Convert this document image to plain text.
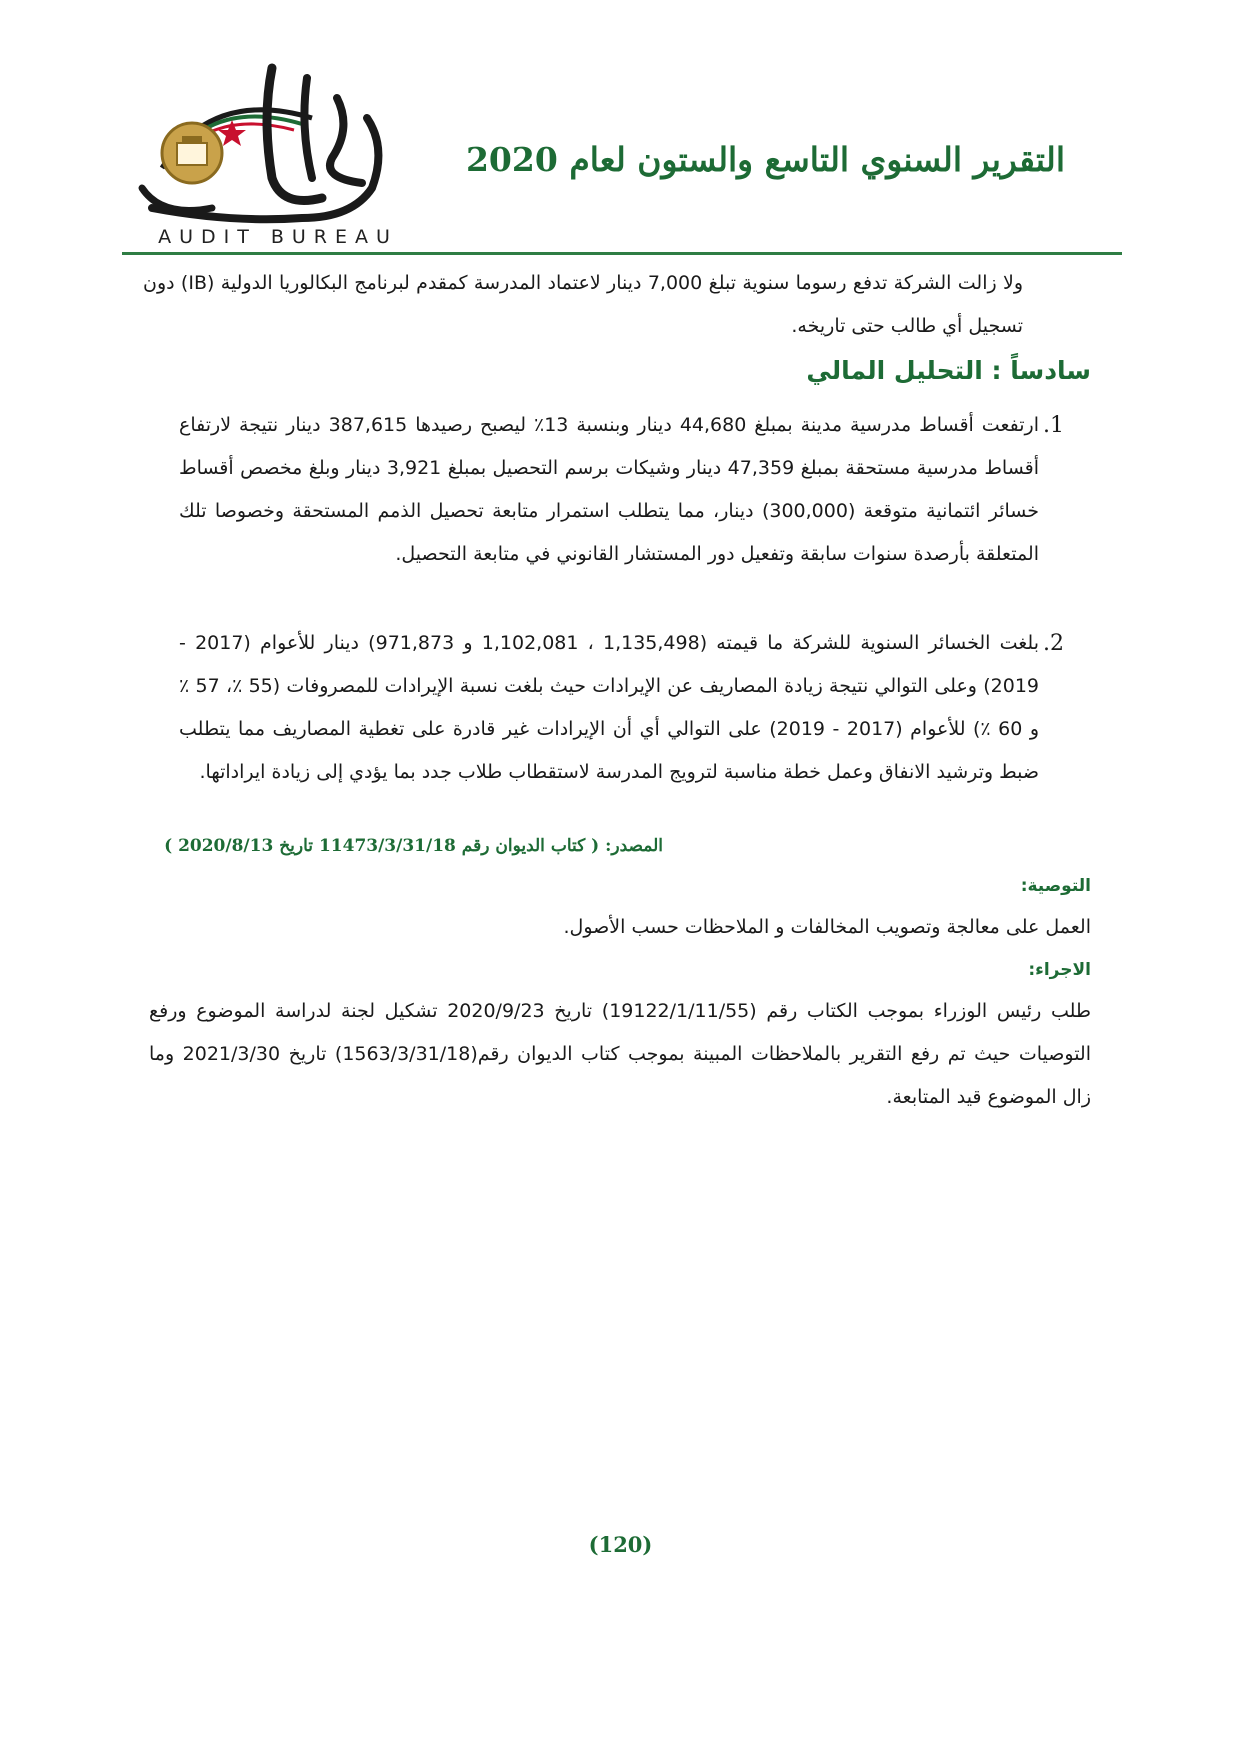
AUDIT BUREAU
التقرير السنوي التاسع والستون لعام 2020

ولا زالت الشركة تدفع رسوما سنوية تبلغ 7,000 دينار لاعتماد المدرسة كمقدم لبرنامج البكالوريا الدولية (IB) دون تسجيل أي طالب حتى تاريخه.

سادساً : التحليل المالي
.1

ارتفعت أقساط مدرسية مدينة بمبلغ 44,680 دينار وبنسبة 13٪ ليصبح رصيدها 387,615 دينار نتيجة لارتفاع أقساط مدرسية مستحقة بمبلغ 47,359 دينار وشيكات برسم التحصيل بمبلغ 3,921 دينار وبلغ مخصص أقساط خسائر ائتمانية متوقعة (300,000) دينار، مما يتطلب استمرار متابعة تحصيل الذمم المستحقة وخصوصا تلك المتعلقة بأرصدة سنوات سابقة وتفعيل دور المستشار القانوني في متابعة التحصيل.

.2

بلغت الخسائر السنوية للشركة ما قيمته (1,135,498 ، 1,102,081 و 971,873) دينار للأعوام (2017 - 2019) وعلى التوالي نتيجة زيادة المصاريف عن الإيرادات حيث بلغت نسبة الإيرادات للمصروفات (55 ٪، 57 ٪ و 60 ٪) للأعوام (2017 - 2019) على التوالي أي أن الإيرادات غير قادرة على تغطية المصاريف مما يتطلب ضبط وترشيد الانفاق وعمل خطة مناسبة لترويج المدرسة لاستقطاب طلاب جدد بما يؤدي إلى زيادة ايراداتها.

المصدر: ( كتاب الديوان رقم 11473/3/31/18 تاريخ 2020/8/13 )
التوصية:

العمل على معالجة وتصويب المخالفات و الملاحظات حسب الأصول.

الاجراء:

طلب رئيس الوزراء بموجب الكتاب رقم (19122/1/11/55) تاريخ 2020/9/23 تشكيل لجنة لدراسة الموضوع ورفع التوصيات حيث تم رفع التقرير بالملاحظات المبينة بموجب كتاب الديوان رقم(1563/3/31/18) تاريخ 2021/3/30 وما زال الموضوع قيد المتابعة.

(120)
